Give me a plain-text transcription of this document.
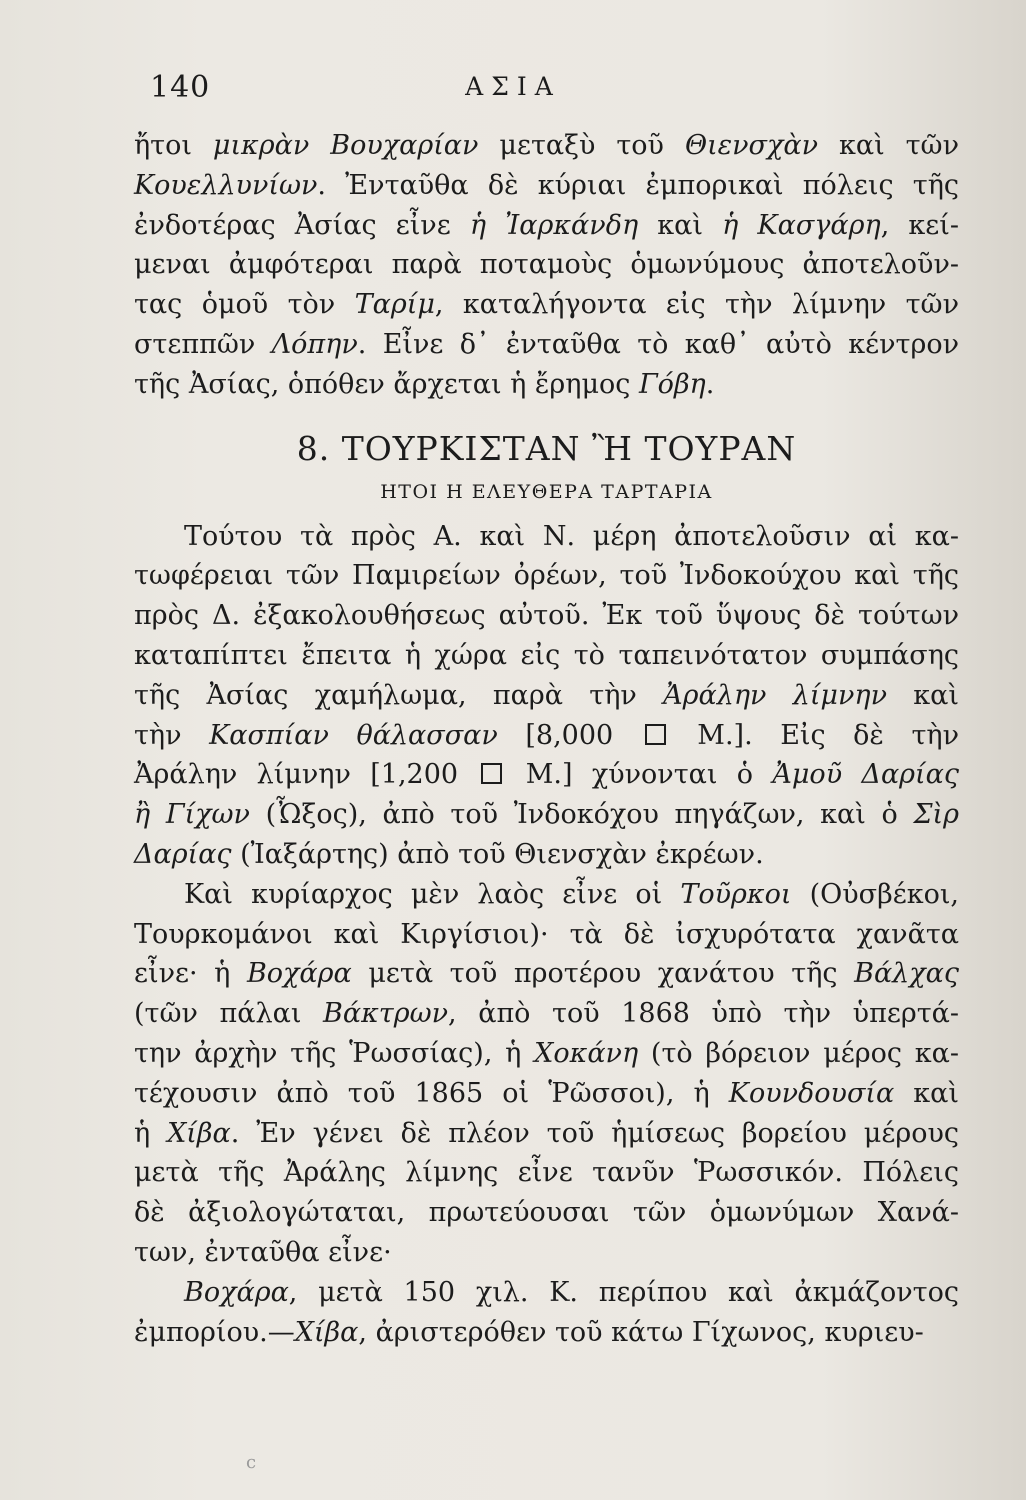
140	ΑΣΙΑ
ἤτοι μικρὰν Βουχαρίαν μεταξὺ τοῦ Θιενσχὰν καὶ τῶν
Κουελλυνίων. Ἐνταῦθα δὲ κύριαι ἐμπορικαὶ πόλεις τῆς
ἐνδοτέρας Ἀσίας εἶνε ἡ Ἰαρκάνδη καὶ ἡ Κασγάρη, κεί-
μεναι ἀμφότεραι παρὰ ποταμοὺς ὁμωνύμους ἀποτελοῦν-
τας ὁμοῦ τὸν Ταρίμ, καταλήγοντα εἰς τὴν λίμνην τῶν
στεππῶν Λόπην. Εἶνε δ᾽ ἐνταῦθα τὸ καθ᾽ αὐτὸ κέντρον
τῆς Ἀσίας, ὁπόθεν ἄρχεται ἡ ἔρημος Γόβη.
8. ΤΟΥΡΚΙΣΤΑΝ Ἢ ΤΟΥΡΑΝ
ΗΤΟΙ Η ΕΛΕΥΘΕΡΑ ΤΑΡΤΑΡΙΑ
Τούτου τὰ πρὸς Α. καὶ Ν. μέρη ἀποτελοῦσιν αἱ κα-
τωφέρειαι τῶν Παμιρείων ὀρέων, τοῦ Ἰνδοκούχου καὶ τῆς
πρὸς Δ. ἐξακολουθήσεως αὐτοῦ. Ἐκ τοῦ ὕψους δὲ τούτων
καταπίπτει ἔπειτα ἡ χώρα εἰς τὸ ταπεινότατον συμπάσης
τῆς Ἀσίας χαμήλωμα, παρὰ τὴν Ἀράλην λίμνην καὶ
τὴν Κασπίαν θάλασσαν [8,000  Μ.]. Εἰς δὲ τὴν
Ἀράλην λίμνην [1,200  Μ.] χύνονται ὁ Ἀμοῦ Δαρίας
ἢ Γίχων (Ὦξος), ἀπὸ τοῦ Ἰνδοκόχου πηγάζων, καὶ ὁ Σὶρ
Δαρίας (Ἰαξάρτης) ἀπὸ τοῦ Θιενσχὰν ἐκρέων.
Καὶ κυρίαρχος μὲν λαὸς εἶνε οἱ Τοῦρκοι (Οὐσβέκοι,
Τουρκομάνοι καὶ Κιργίσιοι)· τὰ δὲ ἰσχυρότατα χανᾶτα
εἶνε· ἡ Βοχάρα μετὰ τοῦ προτέρου χανάτου τῆς Βάλχας
(τῶν πάλαι Βάκτρων, ἀπὸ τοῦ 1868 ὑπὸ τὴν ὑπερτά-
την ἀρχὴν τῆς Ῥωσσίας), ἡ Χοκάνη (τὸ βόρειον μέρος κα-
τέχουσιν ἀπὸ τοῦ 1865 οἱ Ῥῶσσοι), ἡ Κουνδουσία καὶ
ἡ Χίβα. Ἐν γένει δὲ πλέον τοῦ ἡμίσεως βορείου μέρους
μετὰ τῆς Ἀράλης λίμνης εἶνε τανῦν Ῥωσσικόν. Πόλεις
δὲ ἀξιολογώταται, πρωτεύουσαι τῶν ὁμωνύμων Χανά-
των, ἐνταῦθα εἶνε·
Βοχάρα, μετὰ 150 χιλ. Κ. περίπου καὶ ἀκμάζοντος
ἐμπορίου.—Χίβα, ἀριστερόθεν τοῦ κάτω Γίχωνος, κυριευ-
c
